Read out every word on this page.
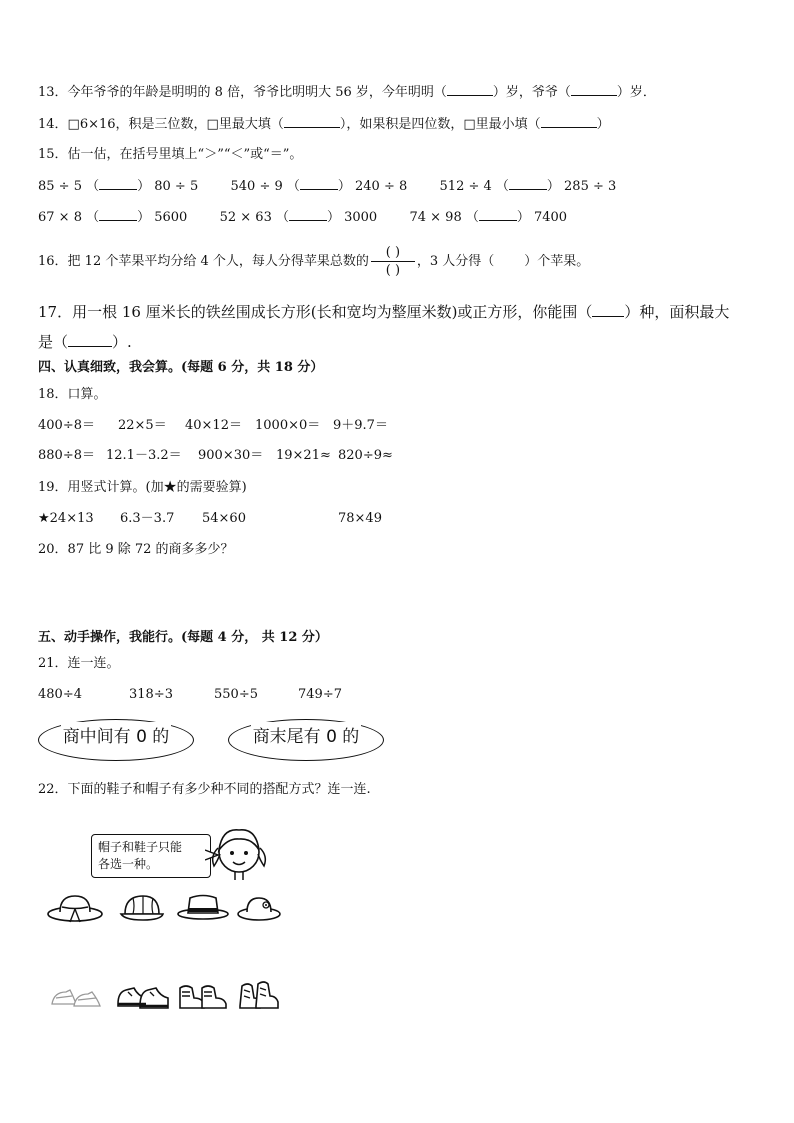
13．今年爷爷的年龄是明明的 8 倍，爷爷比明明大 56 岁，今年明明（	）岁，爷爷（	）岁．
14．□6×16，积是三位数，□里最大填（	），如果积是四位数，□里最小填（	）
15．估一估，在括号里填上“＞”“＜”或“＝”。
85 ÷ 5 （	） 80 ÷ 5 540 ÷ 9 （	） 240 ÷ 8 512 ÷ 4 （	） 285 ÷ 3
67 × 8 （	） 5600 52 × 63 （	） 3000 74 × 98 （	） 7400
16．把 12 个苹果平均分给 4 个人，每人分得苹果总数的 $\frac{( )}{( )}$ ，3 人分得（ ）个苹果。
17．用一根 16 厘米长的铁丝围成长方形(长和宽均为整厘米数)或正方形，你能围（ ）种，面积最大
是（	）.
四、认真细致，我会算。(每题 6 分，共 18 分）
18．口算。
400÷8＝ 22×5＝ 40×12＝ 1000×0＝ 9＋9.7＝
880÷8＝ 12.1－3.2＝ 900×30＝ 19×21≈ 820÷9≈
19．用竖式计算。(加★的需要验算)
★24×13 6.3－3.7 54×60	78×49
20．87 比 9 除 72 的商多多少？
五、动手操作，我能行。(每题 4 分， 共 12 分）
21．连一连。
480÷4	318÷3	550÷5	749÷7
商中间有 0 的	商末尾有 0 的
22．下面的鞋子和帽子有多少种不同的搭配方式？连一连.
帽子和鞋子只能
各选一种。
